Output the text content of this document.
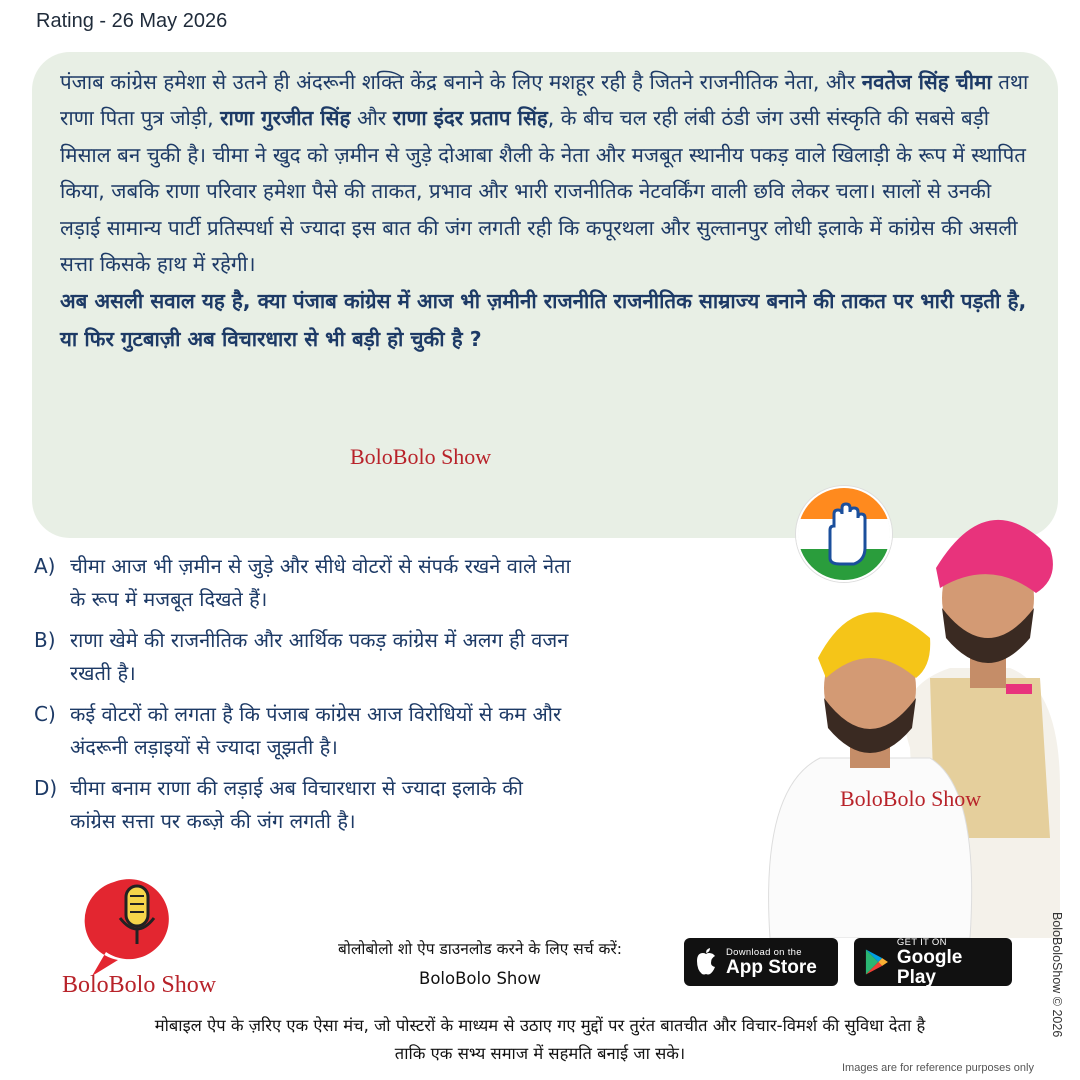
Rating - 26 May 2026

पंजाब कांग्रेस हमेशा से उतने ही अंदरूनी शक्ति केंद्र बनाने के लिए मशहूर रही है जितने राजनीतिक नेता, और नवतेज सिंह चीमा तथा राणा पिता पुत्र जोड़ी, राणा गुरजीत सिंह और राणा इंदर प्रताप सिंह, के बीच चल रही लंबी ठंडी जंग उसी संस्कृति की सबसे बड़ी मिसाल बन चुकी है। चीमा ने खुद को ज़मीन से जुड़े दोआबा शैली के नेता और मजबूत स्थानीय पकड़ वाले खिलाड़ी के रूप में स्थापित किया, जबकि राणा परिवार हमेशा पैसे की ताकत, प्रभाव और भारी राजनीतिक नेटवर्किंग वाली छवि लेकर चला। सालों से उनकी लड़ाई सामान्य पार्टी प्रतिस्पर्धा से ज्यादा इस बात की जंग लगती रही कि कपूरथला और सुल्तानपुर लोधी इलाके में कांग्रेस की असली सत्ता किसके हाथ में रहेगी।

अब असली सवाल यह है, क्या पंजाब कांग्रेस में आज भी ज़मीनी राजनीति राजनीतिक साम्राज्य बनाने की ताकत पर भारी पड़ती है, या फिर गुटबाज़ी अब विचारधारा से भी बड़ी हो चुकी है ?

BoloBolo Show
A) चीमा आज भी ज़मीन से जुड़े और सीधे वोटरों से संपर्क रखने वाले नेता
के रूप में मजबूत दिखते हैं।
B) राणा खेमे की राजनीतिक और आर्थिक पकड़ कांग्रेस में अलग ही वजन
रखती है।
C) कई वोटरों को लगता है कि पंजाब कांग्रेस आज विरोधियों से कम और
अंदरूनी लड़ाइयों से ज्यादा जूझती है।
D) चीमा बनाम राणा की लड़ाई अब विचारधारा से ज्यादा इलाके की
कांग्रेस सत्ता पर कब्ज़े की जंग लगती है।
BoloBolo Show
BoloBoloShow © 2026
BoloBolo Show
बोलोबोलो शो ऐप डाउनलोड करने के लिए सर्च करें:
BoloBolo Show
Download on the
App Store
GET IT ON
Google Play
मोबाइल ऐप के ज़रिए एक ऐसा मंच, जो पोस्टरों के माध्यम से उठाए गए मुद्दों पर तुरंत बातचीत और विचार-विमर्श की सुविधा देता है
ताकि एक सभ्य समाज में सहमति बनाई जा सके।
Images are for reference purposes only
